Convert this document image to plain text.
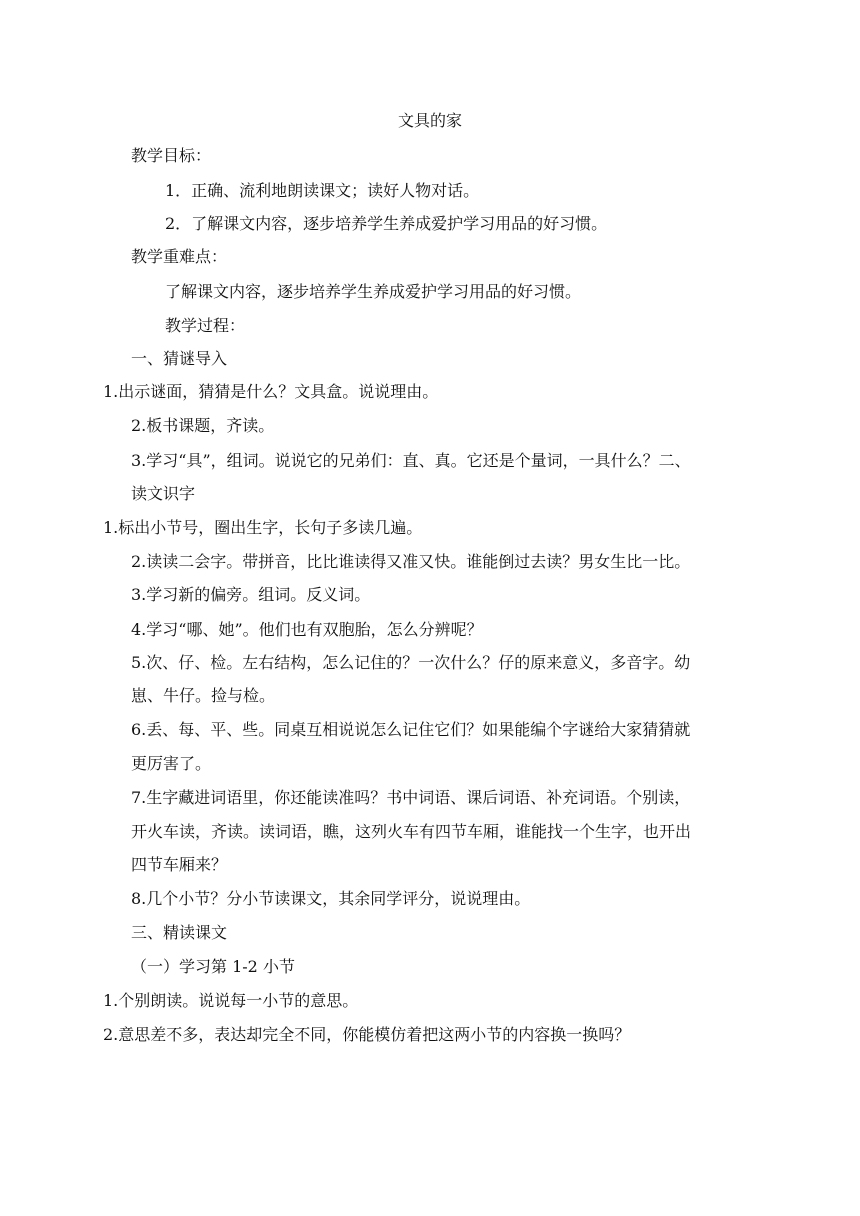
文具的家
教学目标：
1．正确、流利地朗读课文；读好人物对话。
2．了解课文内容，逐步培养学生养成爱护学习用品的好习惯。
教学重难点：
了解课文内容，逐步培养学生养成爱护学习用品的好习惯。
教学过程：
一、猜谜导入
1.出示谜面，猜猜是什么？文具盒。说说理由。
2.板书课题，齐读。
3.学习“具”，组词。说说它的兄弟们：直、真。它还是个量词，一具什么？二、
读文识字
1.标出小节号，圈出生字，长句子多读几遍。
2.读读二会字。带拼音，比比谁读得又准又快。谁能倒过去读？男女生比一比。
3.学习新的偏旁。组词。反义词。
4.学习“哪、她”。他们也有双胞胎，怎么分辨呢？
5.次、仔、检。左右结构，怎么记住的？一次什么？仔的原来意义，多音字。幼
崽、牛仔。捡与检。
6.丢、每、平、些。同桌互相说说怎么记住它们？如果能编个字谜给大家猜猜就
更厉害了。
7.生字藏进词语里，你还能读准吗？书中词语、课后词语、补充词语。个别读，
开火车读，齐读。读词语，瞧，这列火车有四节车厢，谁能找一个生字，也开出
四节车厢来？
8.几个小节？分小节读课文，其余同学评分，说说理由。
三、精读课文
（一）学习第 1-2 小节
1.个别朗读。说说每一小节的意思。
2.意思差不多，表达却完全不同，你能模仿着把这两小节的内容换一换吗？
